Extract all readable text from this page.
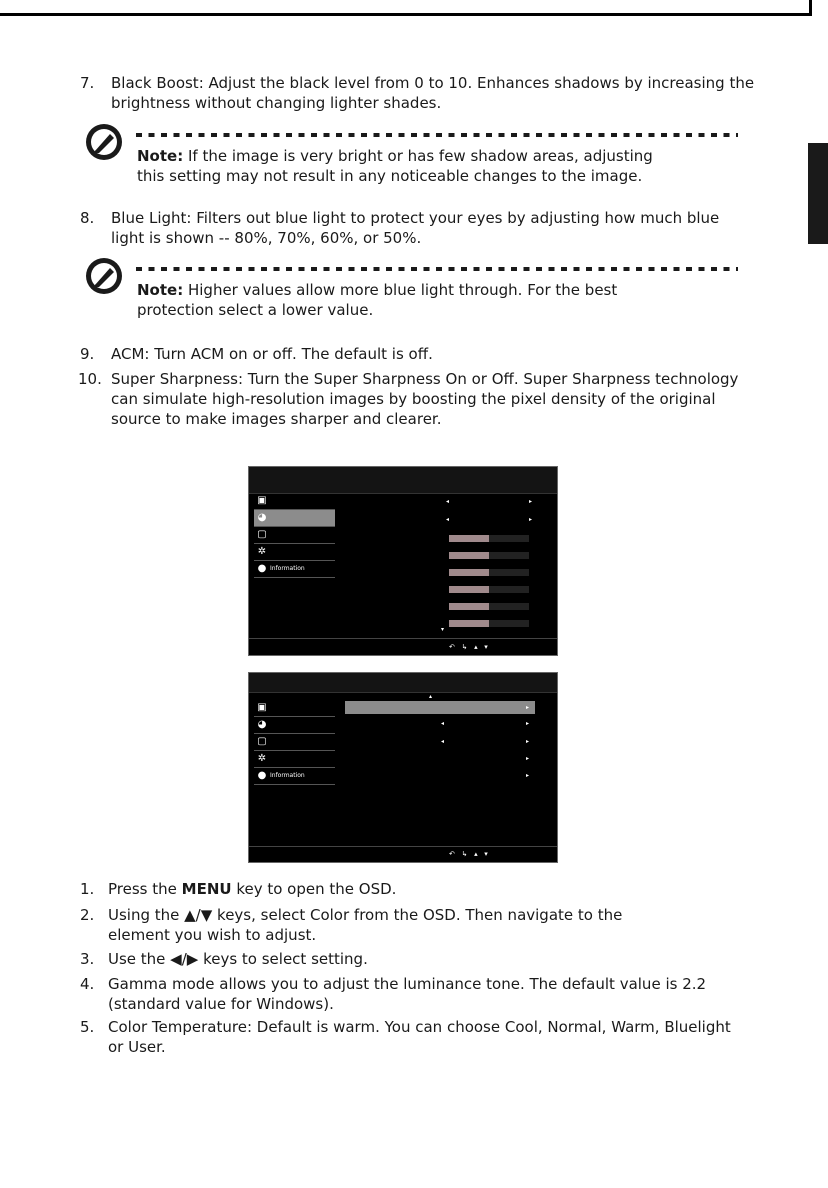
7.	Black Boost: Adjust the black level from 0 to 10. Enhances shadows by increasing the
brightness without changing lighter shades.
Note: If the image is very bright or has few shadow areas, adjusting
this setting may not result in any noticeable changes to the image.
8.	Blue Light: Filters out blue light to protect your eyes by adjusting how much blue
light is shown -- 80%, 70%, 60%, or 50%.
Note: Higher values allow more blue light through. For the best
protection select a lower value.
9.	ACM: Turn ACM on or off. The default is off.
10. Super Sharpness: Turn the Super Sharpness On or Off. Super Sharpness technology
can simulate high-resolution images by boosting the pixel density of the original
source to make images sharper and clearer.
▣
◕
▢
✲
● Information
◂	▸
◂	▸
▾
↶   ↳   ▴   ▾
▴
▣
◕
▢
✲
● Information
▸
◂	▸
◂	▸
▸
▸
↶   ↳   ▴   ▾
1. Press the MENU key to open the OSD.
2. Using the ▲/▼ keys, select Color from the OSD. Then navigate to the
element you wish to adjust.
3. Use the ◀/▶ keys to select setting.
4. Gamma mode allows you to adjust the luminance tone. The default value is 2.2
(standard value for Windows).
5. Color Temperature: Default is warm. You can choose Cool, Normal, Warm, Bluelight
or User.
